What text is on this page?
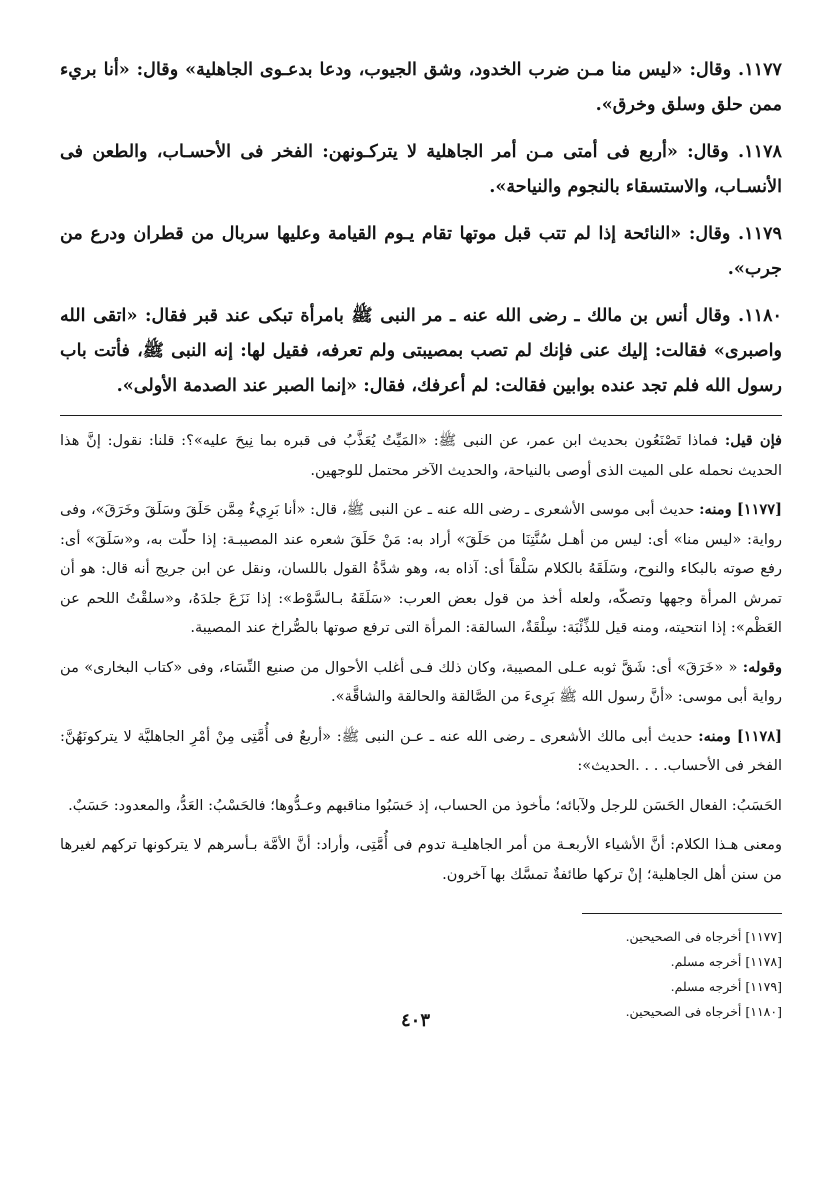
١١٧٧. وقال: «ليس منا مـن ضرب الخدود، وشق الجيوب، ودعا بدعـوى الجاهلية» وقال: «أنا بريء ممن حلق وسلق وخرق».

١١٧٨. وقال: «أربع فى أمتى مـن أمر الجاهلية لا يتركـونهن: الفخر فى الأحسـاب، والطعن فى الأنسـاب، والاستسقاء بالنجوم والنياحة».

١١٧٩. وقال: «النائحة إذا لم تتب قبل موتها تقام يـوم القيامة وعليها سربال من قطران ودرع من جرب».

١١٨٠. وقال أنس بن مالك ـ رضى الله عنه ـ مر النبى ﷺ بامرأة تبكى عند قبر فقال: «اتقى الله واصبرى» فقالت: إليك عنى فإنك لم تصب بمصيبتى ولم تعرفه، فقيل لها: إنه النبى ﷺ، فأتت باب رسول الله فلم تجد عنده بوابين فقالت: لم أعرفك، فقال: «إنما الصبر عند الصدمة الأولى».

فإن قيل: فماذا تَصْنَعُون بحديث ابن عمر، عن النبى ﷺ: «المَيِّتُ يُعَذَّبُ فى قبره بما نِيحَ عليه»؟: قلنا: نقول: إنَّ هذا الحديث نحمله على الميت الذى أوصى بالنياحة، والحديث الآخر محتمل للوجهين.

[١١٧٧] ومنه: حديث أبى موسى الأشعرى ـ رضى الله عنه ـ عن النبى ﷺ، قال: «أنا بَرِيءٌ مِمَّن حَلَقَ وسَلَقَ وخَرَقَ»، وفى رواية: «ليس منا» أى: ليس من أهـل سُنَّتِنَا من حَلَقَ» أراد به: مَنْ حَلَقَ شعره عند المصيبـة: إذا حلّت به، و«سَلَقَ» أى: رفع صوته بالبكاء والنوح، وسَلَقَهُ بالكلام سَلْقاً أى: آذاه به، وهو شدَّةُ القول باللسان، ونقل عن ابن جريج أنه قال: هو أن تمرش المرأة وجهها وتصكّه، ولعله أخذ من قول بعض العرب: «سَلَقَهُ بـالسَّوْط»: إذا نَزَعَ جلدَهُ، و«سلقْتُ اللحم عن العَظْم»: إذا انتحيته، ومنه قيل للذِّئْبَة: سِلْقَةٌ، السالقة: المرأة التى ترفع صوتها بالصُّراخ عند المصيبة.

وقوله: « «خَرَقَ» أى: شَقَّ ثوبه عـلى المصيبة، وكان ذلك فـى أغلب الأحوال من صنيع النِّسَاء، وفى «كتاب البخارى» من رواية أبى موسى: «أنَّ رسول الله ﷺ بَرِىءَ من الصَّالقة والحالقة والشاقَّة».

[١١٧٨] ومنه: حديث أبى مالك الأشعرى ـ رضى الله عنه ـ عـن النبى ﷺ: «أربعٌ فى أُمَّتِى مِنْ أمْرِ الجاهليَّة لا يتركونَهُنَّ: الفخر فى الأحساب. . . .الحديث»:

الحَسَبُ: الفعال الحَسَن للرجل ولآبائه؛ مأخوذ من الحساب، إذ حَسَبُوا مناقبهم وعـدُّوها؛ فالحَسْبُ: العَدُّ، والمعدود: حَسَبٌ.

ومعنى هـذا الكلام: أنَّ الأشياء الأربعـة من أمر الجاهليـة تدوم فى أُمَّتِى، وأراد: أنَّ الأمَّة بـأسرهم لا يتركونها تركهم لغيرها من سنن أهل الجاهلية؛ إنْ تركها طائفةٌ تمسَّك بها آخرون.

[١١٧٧] أخرجاه فى الصحيحين.

[١١٧٨] أخرجه مسلم.

[١١٧٩] أخرجه مسلم.

[١١٨٠] أخرجاه فى الصحيحين.

٤٠٣
